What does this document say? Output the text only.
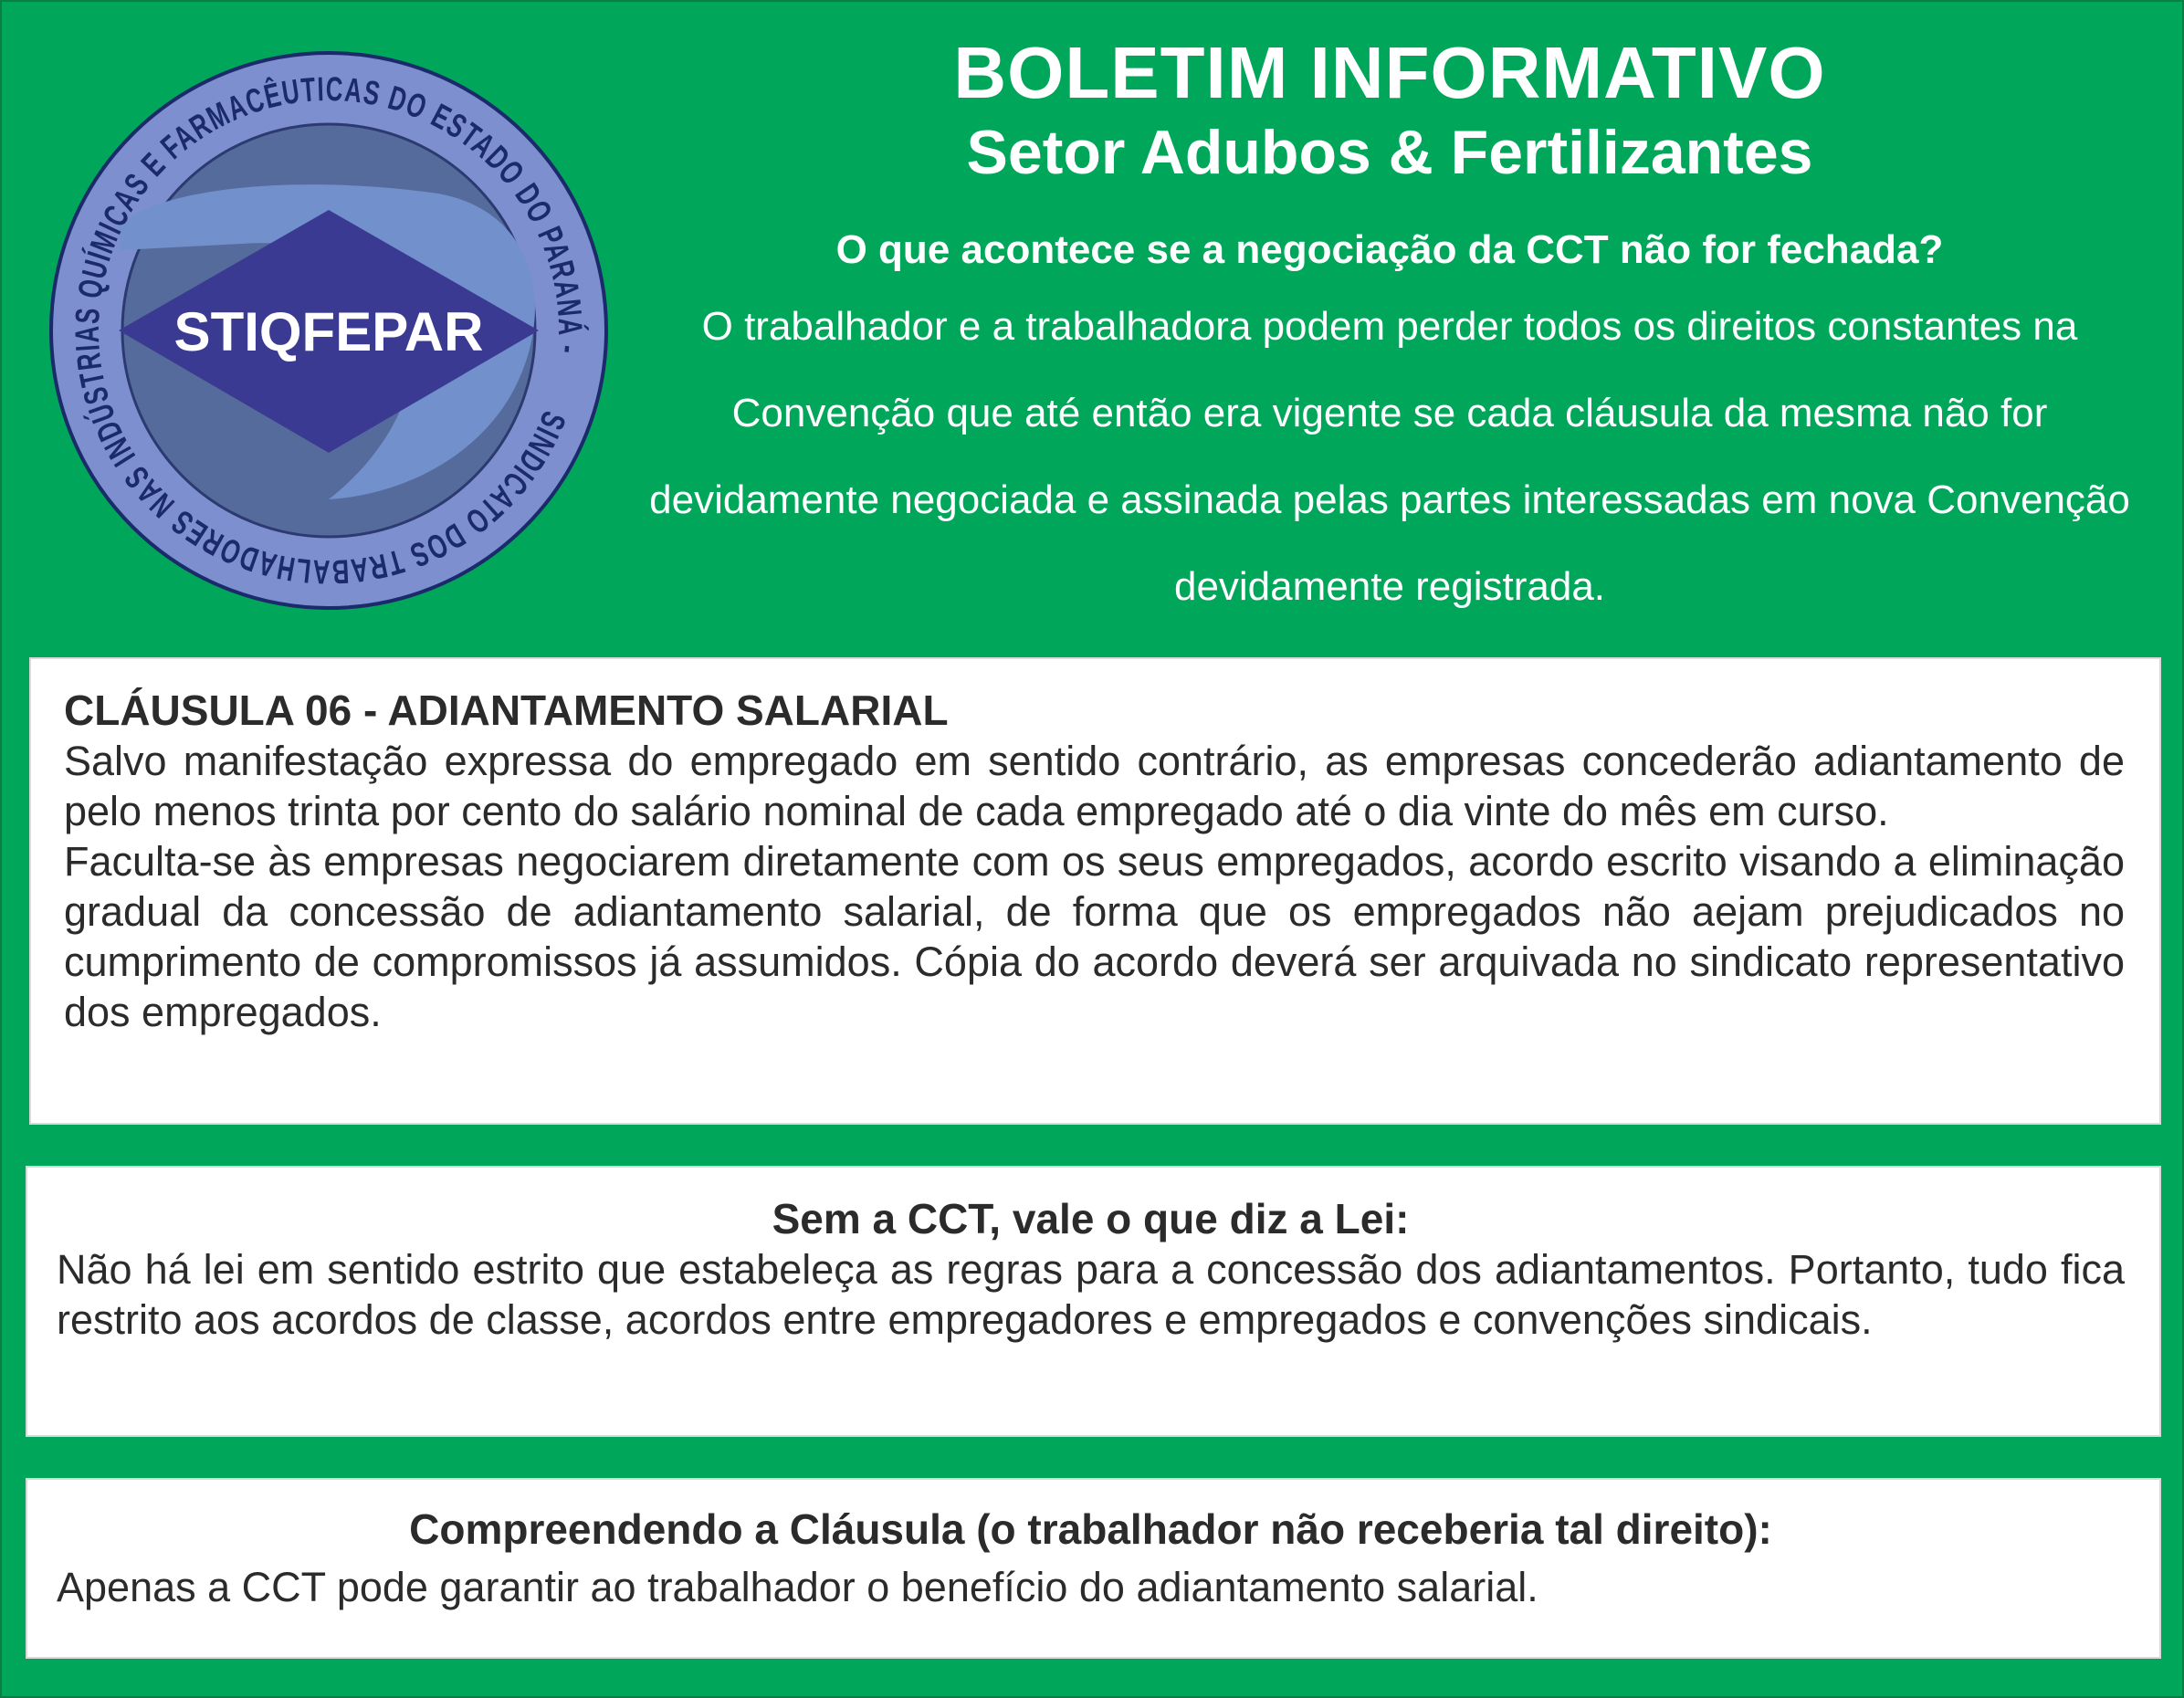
STIQFEPAR
SINDICATO DOS TRABALHADORES NAS INDÚSTRIAS QUÍMICAS E FARMACÊUTICAS DO ESTADO DO PARANÁ -
BOLETIM INFORMATIVO
Setor Adubos & Fertilizantes
O que acontece se a negociação da CCT não for fechada?
O trabalhador e a trabalhadora podem perder todos os direitos constantes na Convenção que até então era vigente se cada cláusula da mesma não for devidamente negociada e assinada pelas partes interessadas em nova Convenção devidamente registrada.
CLÁUSULA 06 - ADIANTAMENTO SALARIAL
Salvo manifestação expressa do empregado em sentido contrário, as empresas concederão adiantamento de pelo menos trinta por cento do salário nominal de cada empregado até o dia vinte do mês em curso.
Faculta-se às empresas negociarem diretamente com os seus empregados, acordo escrito visando a eliminação gradual da concessão de adiantamento salarial, de forma que os empregados não aejam prejudicados no cumprimento de compromissos já assumidos. Cópia do acordo deverá ser arquivada no sindicato representativo dos empregados.
Sem a CCT, vale o que diz a Lei:
Não há lei em sentido estrito que estabeleça as regras para a concessão dos adiantamentos. Portanto, tudo fica restrito aos acordos de classe, acordos entre empregadores e empregados e convenções sindicais.
Compreendendo a Cláusula (o trabalhador não receberia tal direito):
Apenas a CCT pode garantir ao trabalhador o benefício do adiantamento salarial.
